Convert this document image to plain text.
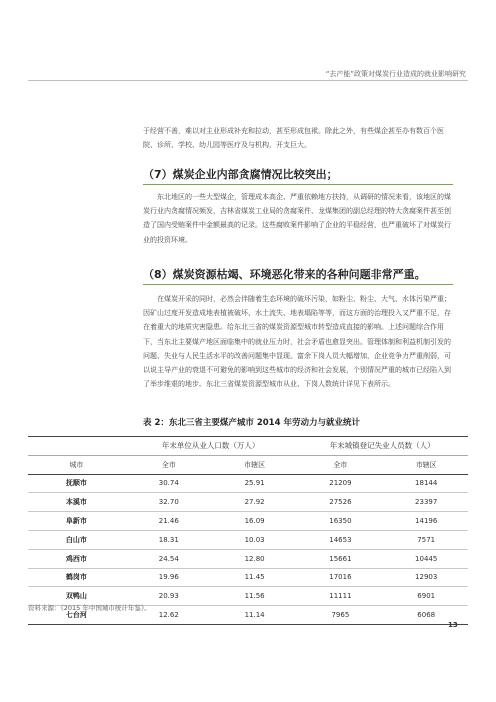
“去产能”政策对煤炭行业造成的就业影响研究

于经营不善，难以对主业形成补充和拉动，甚至形成包袱。除此之外，有些煤企甚至办有数百个医院、诊所、学校、幼儿园等医疗及与机构，开支巨大。

（7）煤炭企业内部贪腐情况比较突出；

东北地区的一些大型煤企，管理成本高企、严重依赖地方扶持，从调研的情况来看，该地区的煤炭行业内贪腐情况频发，吉林省煤炭工业局的贪腐案件、龙煤集团的副总经理的特大贪腐案件甚至创造了国内受贿案件中金额最高的记录。这些腐败案件影响了企业的平稳经营，也严重破坏了对煤炭行业的投资环境。

（8）煤炭资源枯竭、环境恶化带来的各种问题非常严重。

在煤炭开采的同时，必然会伴随着生态环境的破坏污染，如粉尘、粉尘、大气、水体污染严重；因矿山过度开发造成地表植被破坏、水土流失、地表塌陷等等，而这方面的治理投入又严重不足，存在着重大的地质灾害隐患。给东北三省的煤炭资源型城市转型造成直接的影响。上述问题综合作用下，当东北主要煤产地区面临集中的就业压力时，社会矛盾也愈显突出。管理体制和利益机制引发的问题、失业与人民生活水平的改善问题集中显现。富余下岗人员大幅增加，企业竞争力严重削弱，可以说主导产业的衰退不可避免的影响到这些城市的经济和社会发展，个别情况严重的城市已经陷入到了举步维艰的地步。东北三省煤炭资源型城市从业、下岗人数统计详见下表所示。

表 2：东北三省主要煤产城市 2014 年劳动力与就业统计
	年末单位从业人口数（万人）		年末城镇登记失业人员数（人）	
城市	全市	市辖区	全市	市辖区
抚顺市	30.74	25.91	21209	18144
本溪市	32.70	27.92	27526	23397
阜新市	21.46	16.09	16350	14196
白山市	18.31	10.03	14653	7571
鸡西市	24.54	12.80	15661	10445
鹤岗市	19.96	11.45	17016	12903
双鸭山	20.93	11.56	11111	6901
七台河	12.62	11.14	7965	6068

资料来源：《2015 年中国城市统计年鉴》。

13
